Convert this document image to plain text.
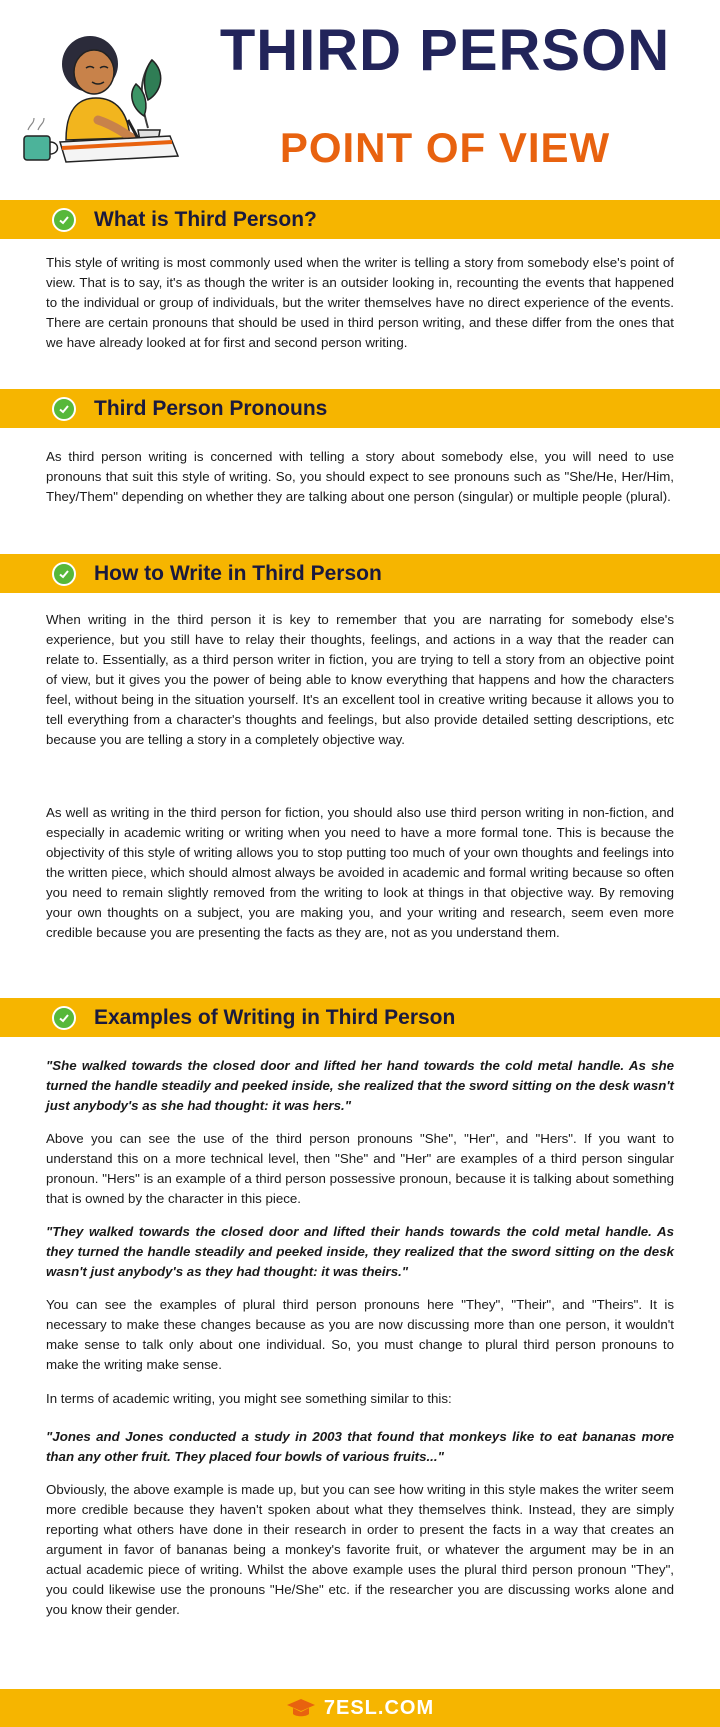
THIRD PERSON
POINT OF VIEW
What is Third Person?

This style of writing is most commonly used when the writer is telling a story from somebody else's point of view. That is to say, it's as though the writer is an outsider looking in, recounting the events that happened to the individual or group of individuals, but the writer themselves have no direct experience of the events. There are certain pronouns that should be used in third person writing, and these differ from the ones that we have already looked at for first and second person writing.

Third Person Pronouns

As third person writing is concerned with telling a story about somebody else, you will need to use pronouns that suit this style of writing. So, you should expect to see pronouns such as "She/He, Her/Him, They/Them" depending on whether they are talking about one person (singular) or multiple people (plural).

How to Write in Third Person

When writing in the third person it is key to remember that you are narrating for somebody else's experience, but you still have to relay their thoughts, feelings, and actions in a way that the reader can relate to. Essentially, as a third person writer in fiction, you are trying to tell a story from an objective point of view, but it gives you the power of being able to know everything that happens and how the characters feel, without being in the situation yourself. It's an excellent tool in creative writing because it allows you to tell everything from a character's thoughts and feelings, but also provide detailed setting descriptions, etc because you are telling a story in a completely objective way.

As well as writing in the third person for fiction, you should also use third person writing in non-fiction, and especially in academic writing or writing when you need to have a more formal tone. This is because the objectivity of this style of writing allows you to stop putting too much of your own thoughts and feelings into the written piece, which should almost always be avoided in academic and formal writing because so often you need to remain slightly removed from the writing to look at things in that objective way. By removing your own thoughts on a subject, you are making you, and your writing and research, seem even more credible because you are presenting the facts as they are, not as you understand them.

Examples of Writing in Third Person

"She walked towards the closed door and lifted her hand towards the cold metal handle. As she turned the handle steadily and peeked inside, she realized that the sword sitting on the desk wasn't just anybody's as she had thought: it was hers."

Above you can see the use of the third person pronouns "She", "Her", and "Hers". If you want to understand this on a more technical level, then "She" and "Her" are examples of a third person singular pronoun. "Hers" is an example of a third person possessive pronoun, because it is talking about something that is owned by the character in this piece.

"They walked towards the closed door and lifted their hands towards the cold metal handle. As they turned the handle steadily and peeked inside, they realized that the sword sitting on the desk wasn't just anybody's as they had thought: it was theirs."

You can see the examples of plural third person pronouns here "They", "Their", and "Theirs". It is necessary to make these changes because as you are now discussing more than one person, it wouldn't make sense to talk only about one individual. So, you must change to plural third person pronouns to make the writing make sense.

In terms of academic writing, you might see something similar to this:

"Jones and Jones conducted a study in 2003 that found that monkeys like to eat bananas more than any other fruit. They placed four bowls of various fruits..."

Obviously, the above example is made up, but you can see how writing in this style makes the writer seem more credible because they haven't spoken about what they themselves think. Instead, they are simply reporting what others have done in their research in order to present the facts in a way that creates an argument in favor of bananas being a monkey's favorite fruit, or whatever the argument may be in an actual academic piece of writing. Whilst the above example uses the plural third person pronoun "They", you could likewise use the pronouns "He/She" etc. if the researcher you are discussing works alone and you know their gender.

7ESL.COM
